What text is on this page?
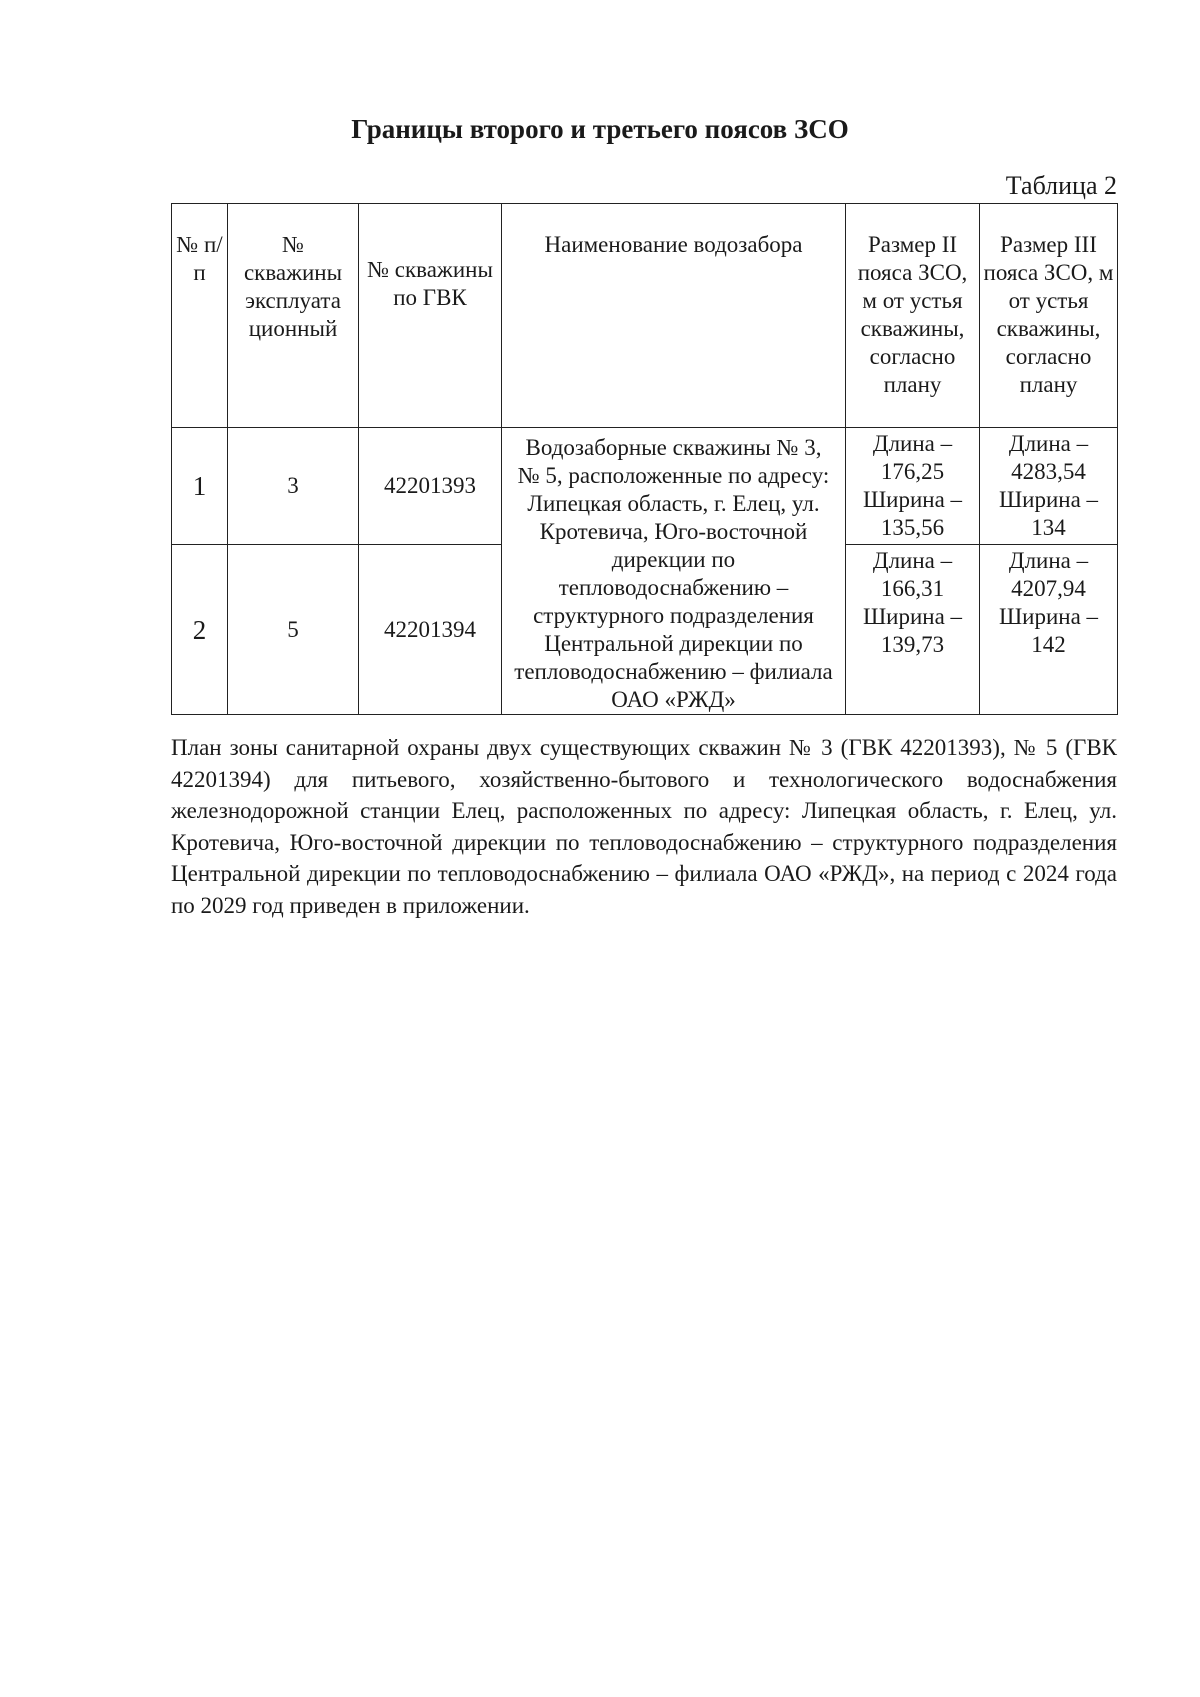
Границы второго и третьего поясов ЗСО
Таблица 2
№ п/п	№ скважины эксплуата ционный	№ скважины по ГВК	Наименование водозабора	Размер II пояса ЗСО, м от устья скважины, согласно плану	Размер III пояса ЗСО, м от устья скважины, согласно плану
1	3	42201393	Водозаборные скважины № 3, № 5, расположенные по адресу: Липецкая область, г. Елец, ул. Кротевича, Юго-восточной дирекции по тепловодоснабжению – структурного подразделения Центральной дирекции по тепловодоснабжению – филиала ОАО «РЖД»	Длина – 176,25 Ширина – 135,56	Длина – 4283,54 Ширина – 134
2	5	42201394		Длина – 166,31 Ширина – 139,73	Длина – 4207,94 Ширина – 142

План зоны санитарной охраны двух существующих скважин № 3 (ГВК 42201393), № 5 (ГВК 42201394) для питьевого, хозяйственно-бытового и технологического водоснабжения железнодорожной станции Елец, расположенных по адресу: Липецкая область, г. Елец, ул. Кротевича, Юго-восточной дирекции по тепловодоснабжению – структурного подразделения Центральной дирекции по тепловодоснабжению – филиала ОАО «РЖД», на период с 2024 года по 2029 год приведен в приложении.
